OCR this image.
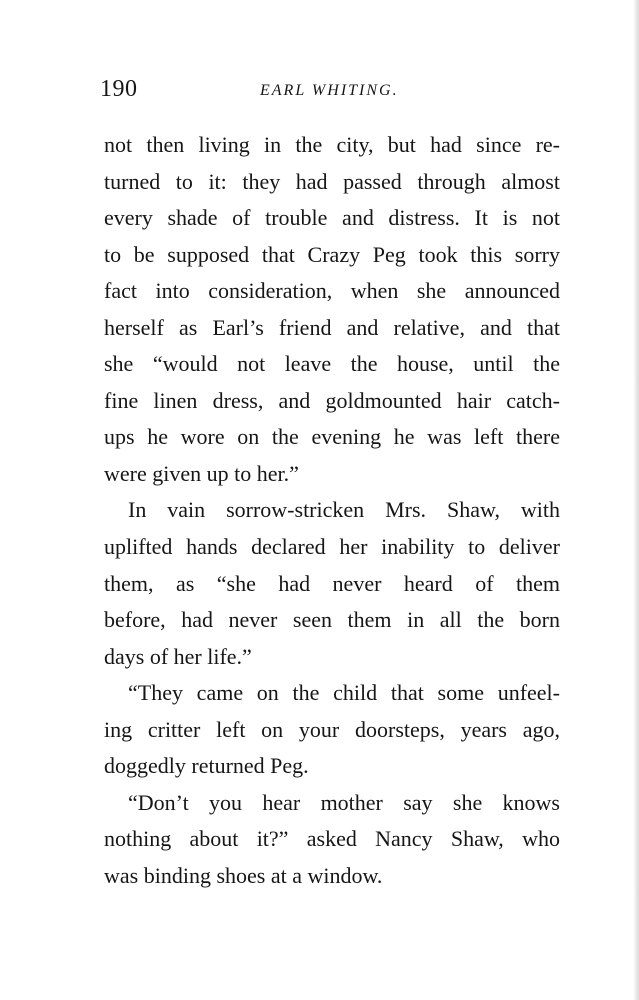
190	EARL WHITING.
not then living in the city, but had since re-
turned to it: they had passed through almost
every shade of trouble and distress. It is not
to be supposed that Crazy Peg took this sorry
fact into consideration, when she announced
herself as Earl’s friend and relative, and that
she “would not leave the house, until the
fine linen dress, and goldmounted hair catch-
ups he wore on the evening he was left there
were given up to her.”
In vain sorrow-stricken Mrs. Shaw, with
uplifted hands declared her inability to deliver
them, as “she had never heard of them
before, had never seen them in all the born
days of her life.”
“They came on the child that some unfeel-
ing critter left on your doorsteps, years ago,
doggedly returned Peg.
“Don’t you hear mother say she knows
nothing about it?” asked Nancy Shaw, who
was binding shoes at a window.
